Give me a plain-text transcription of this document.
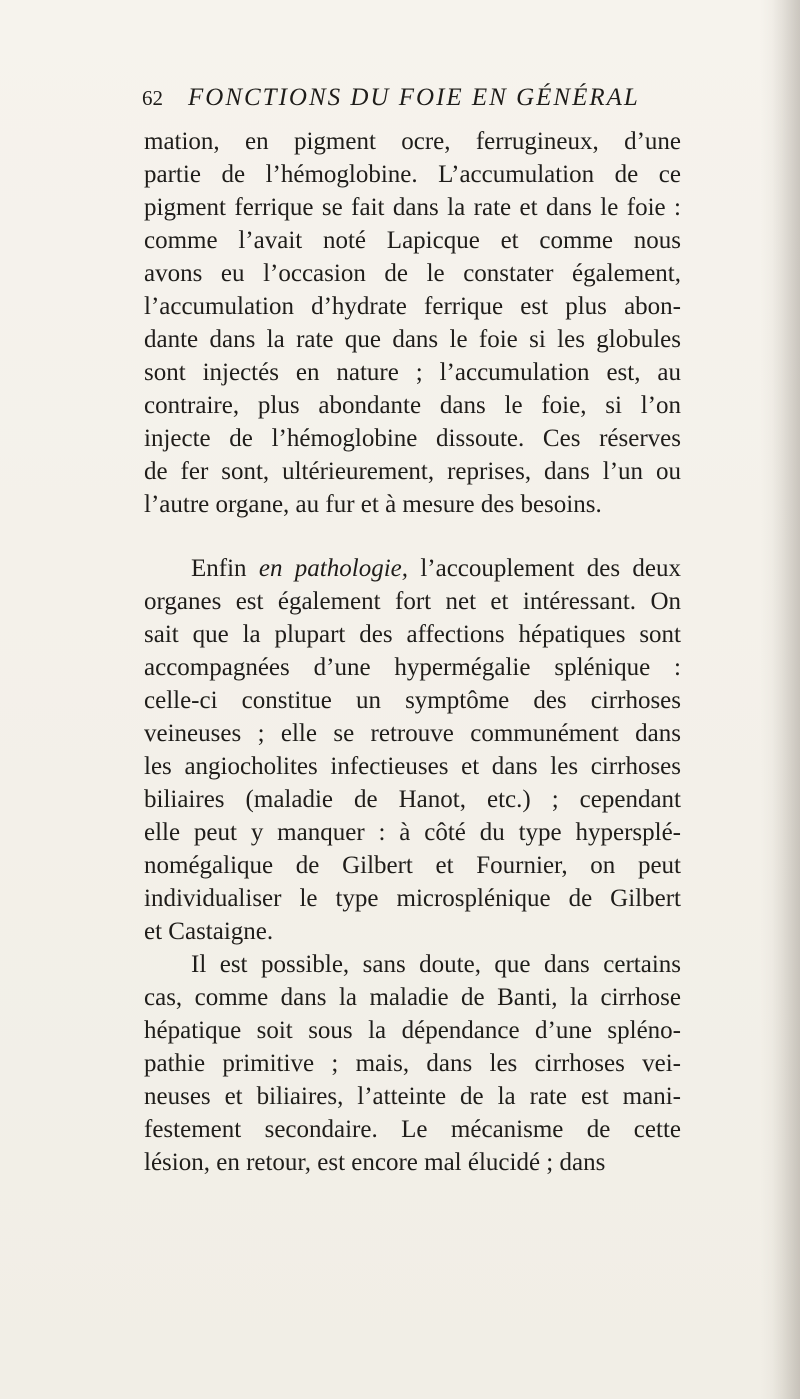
62 FONCTIONS DU FOIE EN GÉNÉRAL
mation, en pigment ocre, ferrugineux, d’une
partie de l’hémoglobine. L’accumulation de ce
pigment ferrique se fait dans la rate et dans le foie :
comme l’avait noté Lapicque et comme nous
avons eu l’occasion de le constater également,
l’accumulation d’hydrate ferrique est plus abon-
dante dans la rate que dans le foie si les globules
sont injectés en nature ; l’accumulation est, au
contraire, plus abondante dans le foie, si l’on
injecte de l’hémoglobine dissoute. Ces réserves
de fer sont, ultérieurement, reprises, dans l’un ou
l’autre organe, au fur et à mesure des besoins.
Enfin en pathologie, l’accouplement des deux
organes est également fort net et intéressant. On
sait que la plupart des affections hépatiques sont
accompagnées d’une hypermégalie splénique :
celle-ci constitue un symptôme des cirrhoses
veineuses ; elle se retrouve communément dans
les angiocholites infectieuses et dans les cirrhoses
biliaires (maladie de Hanot, etc.) ; cependant
elle peut y manquer : à côté du type hypersplé-
nomégalique de Gilbert et Fournier, on peut
individualiser le type microsplénique de Gilbert
et Castaigne.
Il est possible, sans doute, que dans certains
cas, comme dans la maladie de Banti, la cirrhose
hépatique soit sous la dépendance d’une spléno-
pathie primitive ; mais, dans les cirrhoses vei-
neuses et biliaires, l’atteinte de la rate est mani-
festement secondaire. Le mécanisme de cette
lésion, en retour, est encore mal élucidé ; dans
